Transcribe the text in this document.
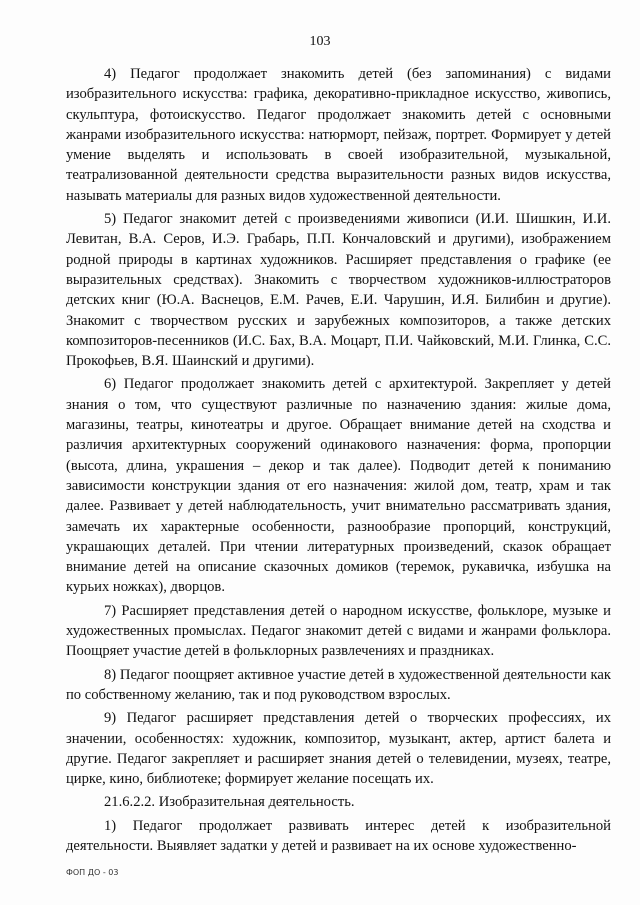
103

4) Педагог продолжает знакомить детей (без запоминания) с видами изобразительного искусства: графика, декоративно-прикладное искусство, живопись, скульптура, фотоискусство. Педагог продолжает знакомить детей с основными жанрами изобразительного искусства: натюрморт, пейзаж, портрет. Формирует у детей умение выделять и использовать в своей изобразительной, музыкальной, театрализованной деятельности средства выразительности разных видов искусства, называть материалы для разных видов художественной деятельности.

5) Педагог знакомит детей с произведениями живописи (И.И. Шишкин, И.И. Левитан, В.А. Серов, И.Э. Грабарь, П.П. Кончаловский и другими), изображением родной природы в картинах художников. Расширяет представления о графике (ее выразительных средствах). Знакомить с творчеством художников-иллюстраторов детских книг (Ю.А. Васнецов, Е.М. Рачев, Е.И. Чарушин, И.Я. Билибин и другие). Знакомит с творчеством русских и зарубежных композиторов, а также детских композиторов-песенников (И.С. Бах, В.А. Моцарт, П.И. Чайковский, М.И. Глинка, С.С. Прокофьев, В.Я. Шаинский и другими).

6) Педагог продолжает знакомить детей с архитектурой. Закрепляет у детей знания о том, что существуют различные по назначению здания: жилые дома, магазины, театры, кинотеатры и другое. Обращает внимание детей на сходства и различия архитектурных сооружений одинакового назначения: форма, пропорции (высота, длина, украшения – декор и так далее). Подводит детей к пониманию зависимости конструкции здания от его назначения: жилой дом, театр, храм и так далее. Развивает у детей наблюдательность, учит внимательно рассматривать здания, замечать их характерные особенности, разнообразие пропорций, конструкций, украшающих деталей. При чтении литературных произведений, сказок обращает внимание детей на описание сказочных домиков (теремок, рукавичка, избушка на курьих ножках), дворцов.

7) Расширяет представления детей о народном искусстве, фольклоре, музыке и художественных промыслах. Педагог знакомит детей с видами и жанрами фольклора. Поощряет участие детей в фольклорных развлечениях и праздниках.

8) Педагог поощряет активное участие детей в художественной деятельности как по собственному желанию, так и под руководством взрослых.

9) Педагог расширяет представления детей о творческих профессиях, их значении, особенностях: художник, композитор, музыкант, актер, артист балета и другие. Педагог закрепляет и расширяет знания детей о телевидении, музеях, театре, цирке, кино, библиотеке; формирует желание посещать их.

21.6.2.2. Изобразительная деятельность.

1) Педагог продолжает развивать интерес детей к изобразительной деятельности. Выявляет задатки у детей и развивает на их основе художественно-

ФОП ДО - 03
